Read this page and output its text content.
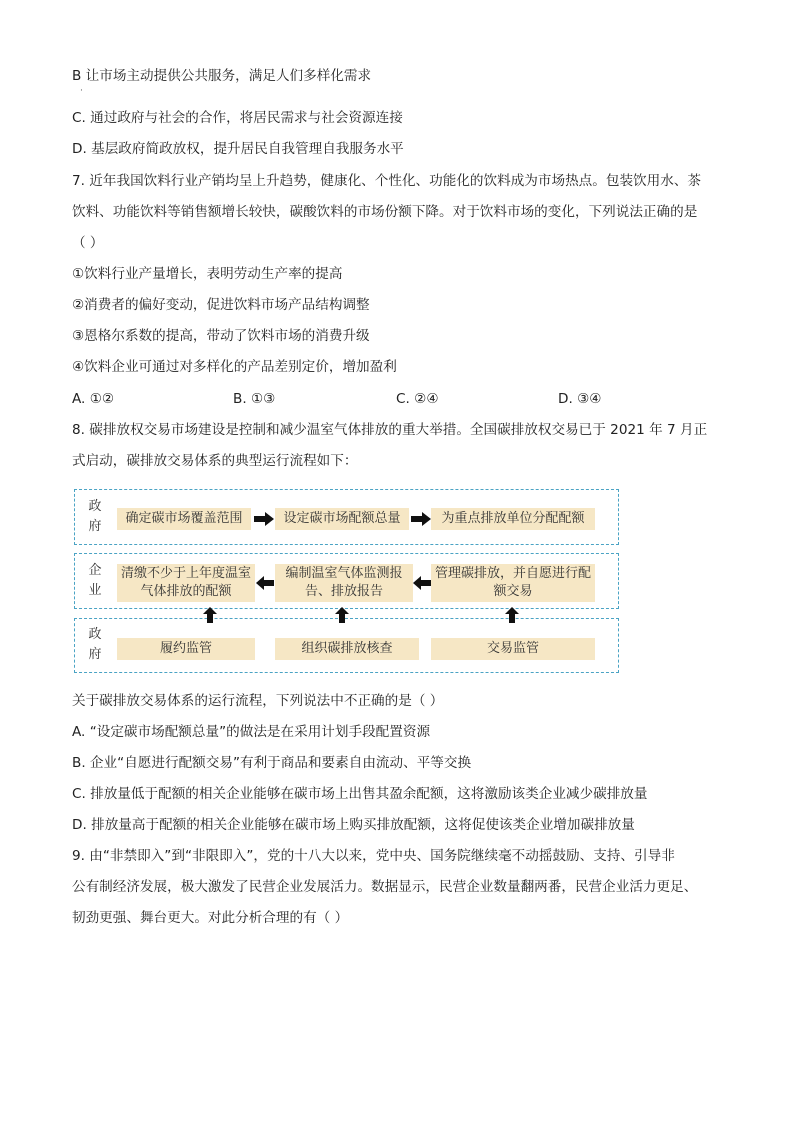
B 让市场主动提供公共服务，满足人们多样化需求
·
C. 通过政府与社会的合作，将居民需求与社会资源连接
D. 基层政府简政放权，提升居民自我管理自我服务水平
7. 近年我国饮料行业产销均呈上升趋势，健康化、个性化、功能化的饮料成为市场热点。包装饮用水、茶
饮料、功能饮料等销售额增长较快，碳酸饮料的市场份额下降。对于饮料市场的变化，下列说法正确的是
（ ）
①饮料行业产量增长，表明劳动生产率的提高
②消费者的偏好变动，促进饮料市场产品结构调整
③恩格尔系数的提高，带动了饮料市场的消费升级
④饮料企业可通过对多样化的产品差别定价，增加盈利
A. ①②	B. ①③	C. ②④	D. ③④
8. 碳排放权交易市场建设是控制和减少温室气体排放的重大举措。全国碳排放权交易已于 2021 年 7 月正
式启动，碳排放交易体系的典型运行流程如下：
政府
确定碳市场覆盖范围	设定碳市场配额总量	为重点排放单位分配配额
企业
清缴不少于上年度温室气体排放的配额
编制温室气体监测报告、排放报告
管理碳排放，并自愿进行配额交易
政府	履约监管	组织碳排放核查	交易监管
关于碳排放交易体系的运行流程，下列说法中不正确的是（ ）
A. “设定碳市场配额总量”的做法是在采用计划手段配置资源
B. 企业“自愿进行配额交易”有利于商品和要素自由流动、平等交换
C. 排放量低于配额的相关企业能够在碳市场上出售其盈余配额，这将激励该类企业减少碳排放量
D. 排放量高于配额的相关企业能够在碳市场上购买排放配额，这将促使该类企业增加碳排放量
9. 由“非禁即入”到“非限即入”，党的十八大以来，党中央、国务院继续毫不动摇鼓励、支持、引导非
公有制经济发展，极大激发了民营企业发展活力。数据显示，民营企业数量翻两番，民营企业活力更足、
韧劲更强、舞台更大。对此分析合理的有（ ）
